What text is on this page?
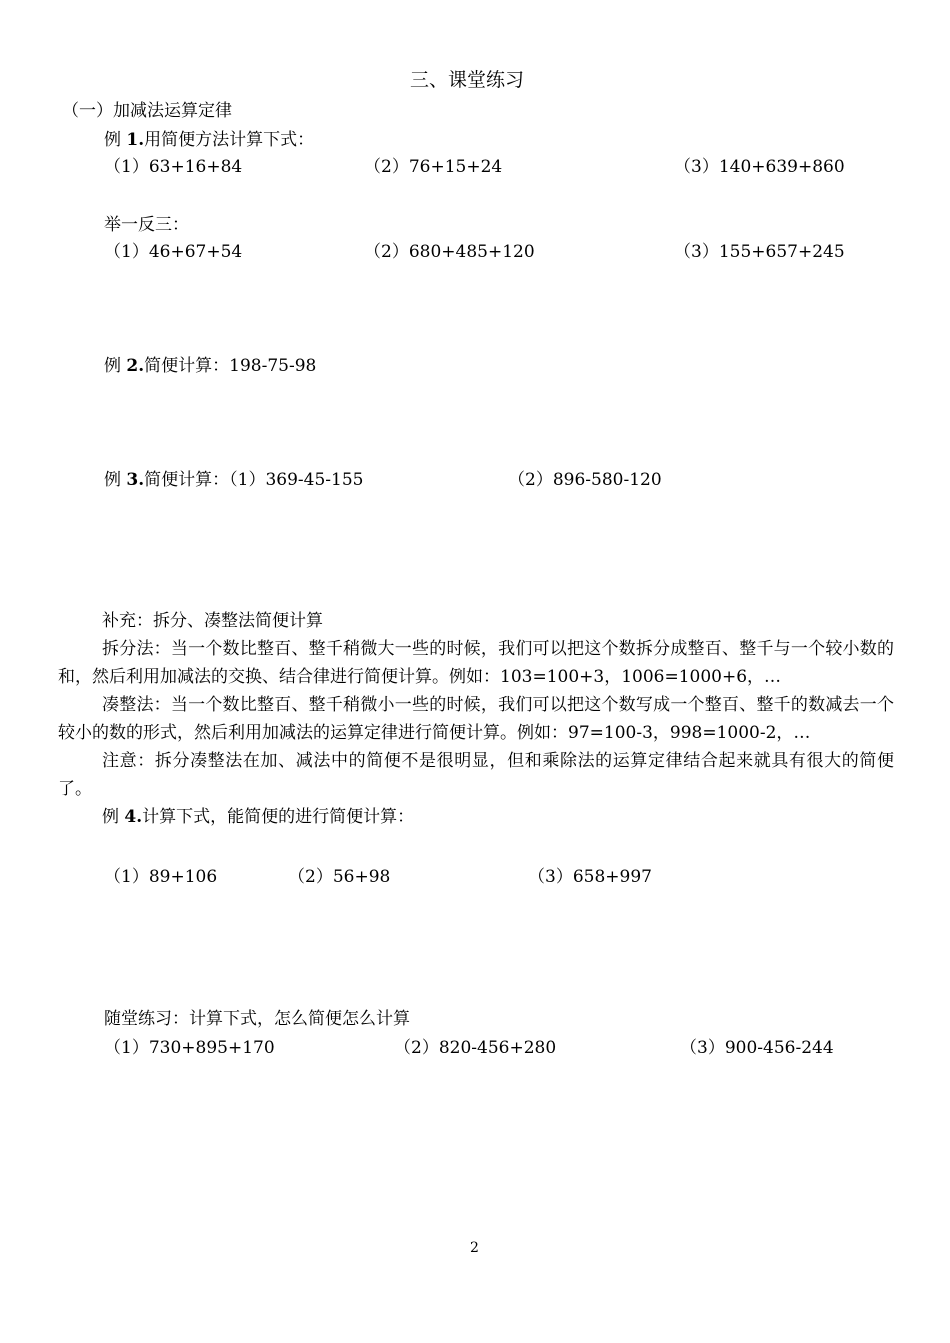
三、课堂练习
（一）加减法运算定律
例 1.用简便方法计算下式：
（1）63+16+84	（2）76+15+24	（3）140+639+860
举一反三：
（1）46+67+54	（2）680+485+120	（3）155+657+245
例 2.简便计算：198-75-98
例 3.简便计算：（1）369-45-155	（2）896-580-120

补充：拆分、凑整法简便计算

拆分法：当一个数比整百、整千稍微大一些的时候，我们可以把这个数拆分成整百、整千与一个较小数的和，然后利用加减法的交换、结合律进行简便计算。例如：103=100+3，1006=1000+6，…

凑整法：当一个数比整百、整千稍微小一些的时候，我们可以把这个数写成一个整百、整千的数减去一个较小的数的形式，然后利用加减法的运算定律进行简便计算。例如：97=100-3，998=1000-2，…

注意：拆分凑整法在加、减法中的简便不是很明显，但和乘除法的运算定律结合起来就具有很大的简便了。

例 4.计算下式，能简便的进行简便计算：

（1）89+106	（2）56+98	（3）658+997
随堂练习：计算下式，怎么简便怎么计算
（1）730+895+170	（2）820-456+280	（3）900-456-244
2
